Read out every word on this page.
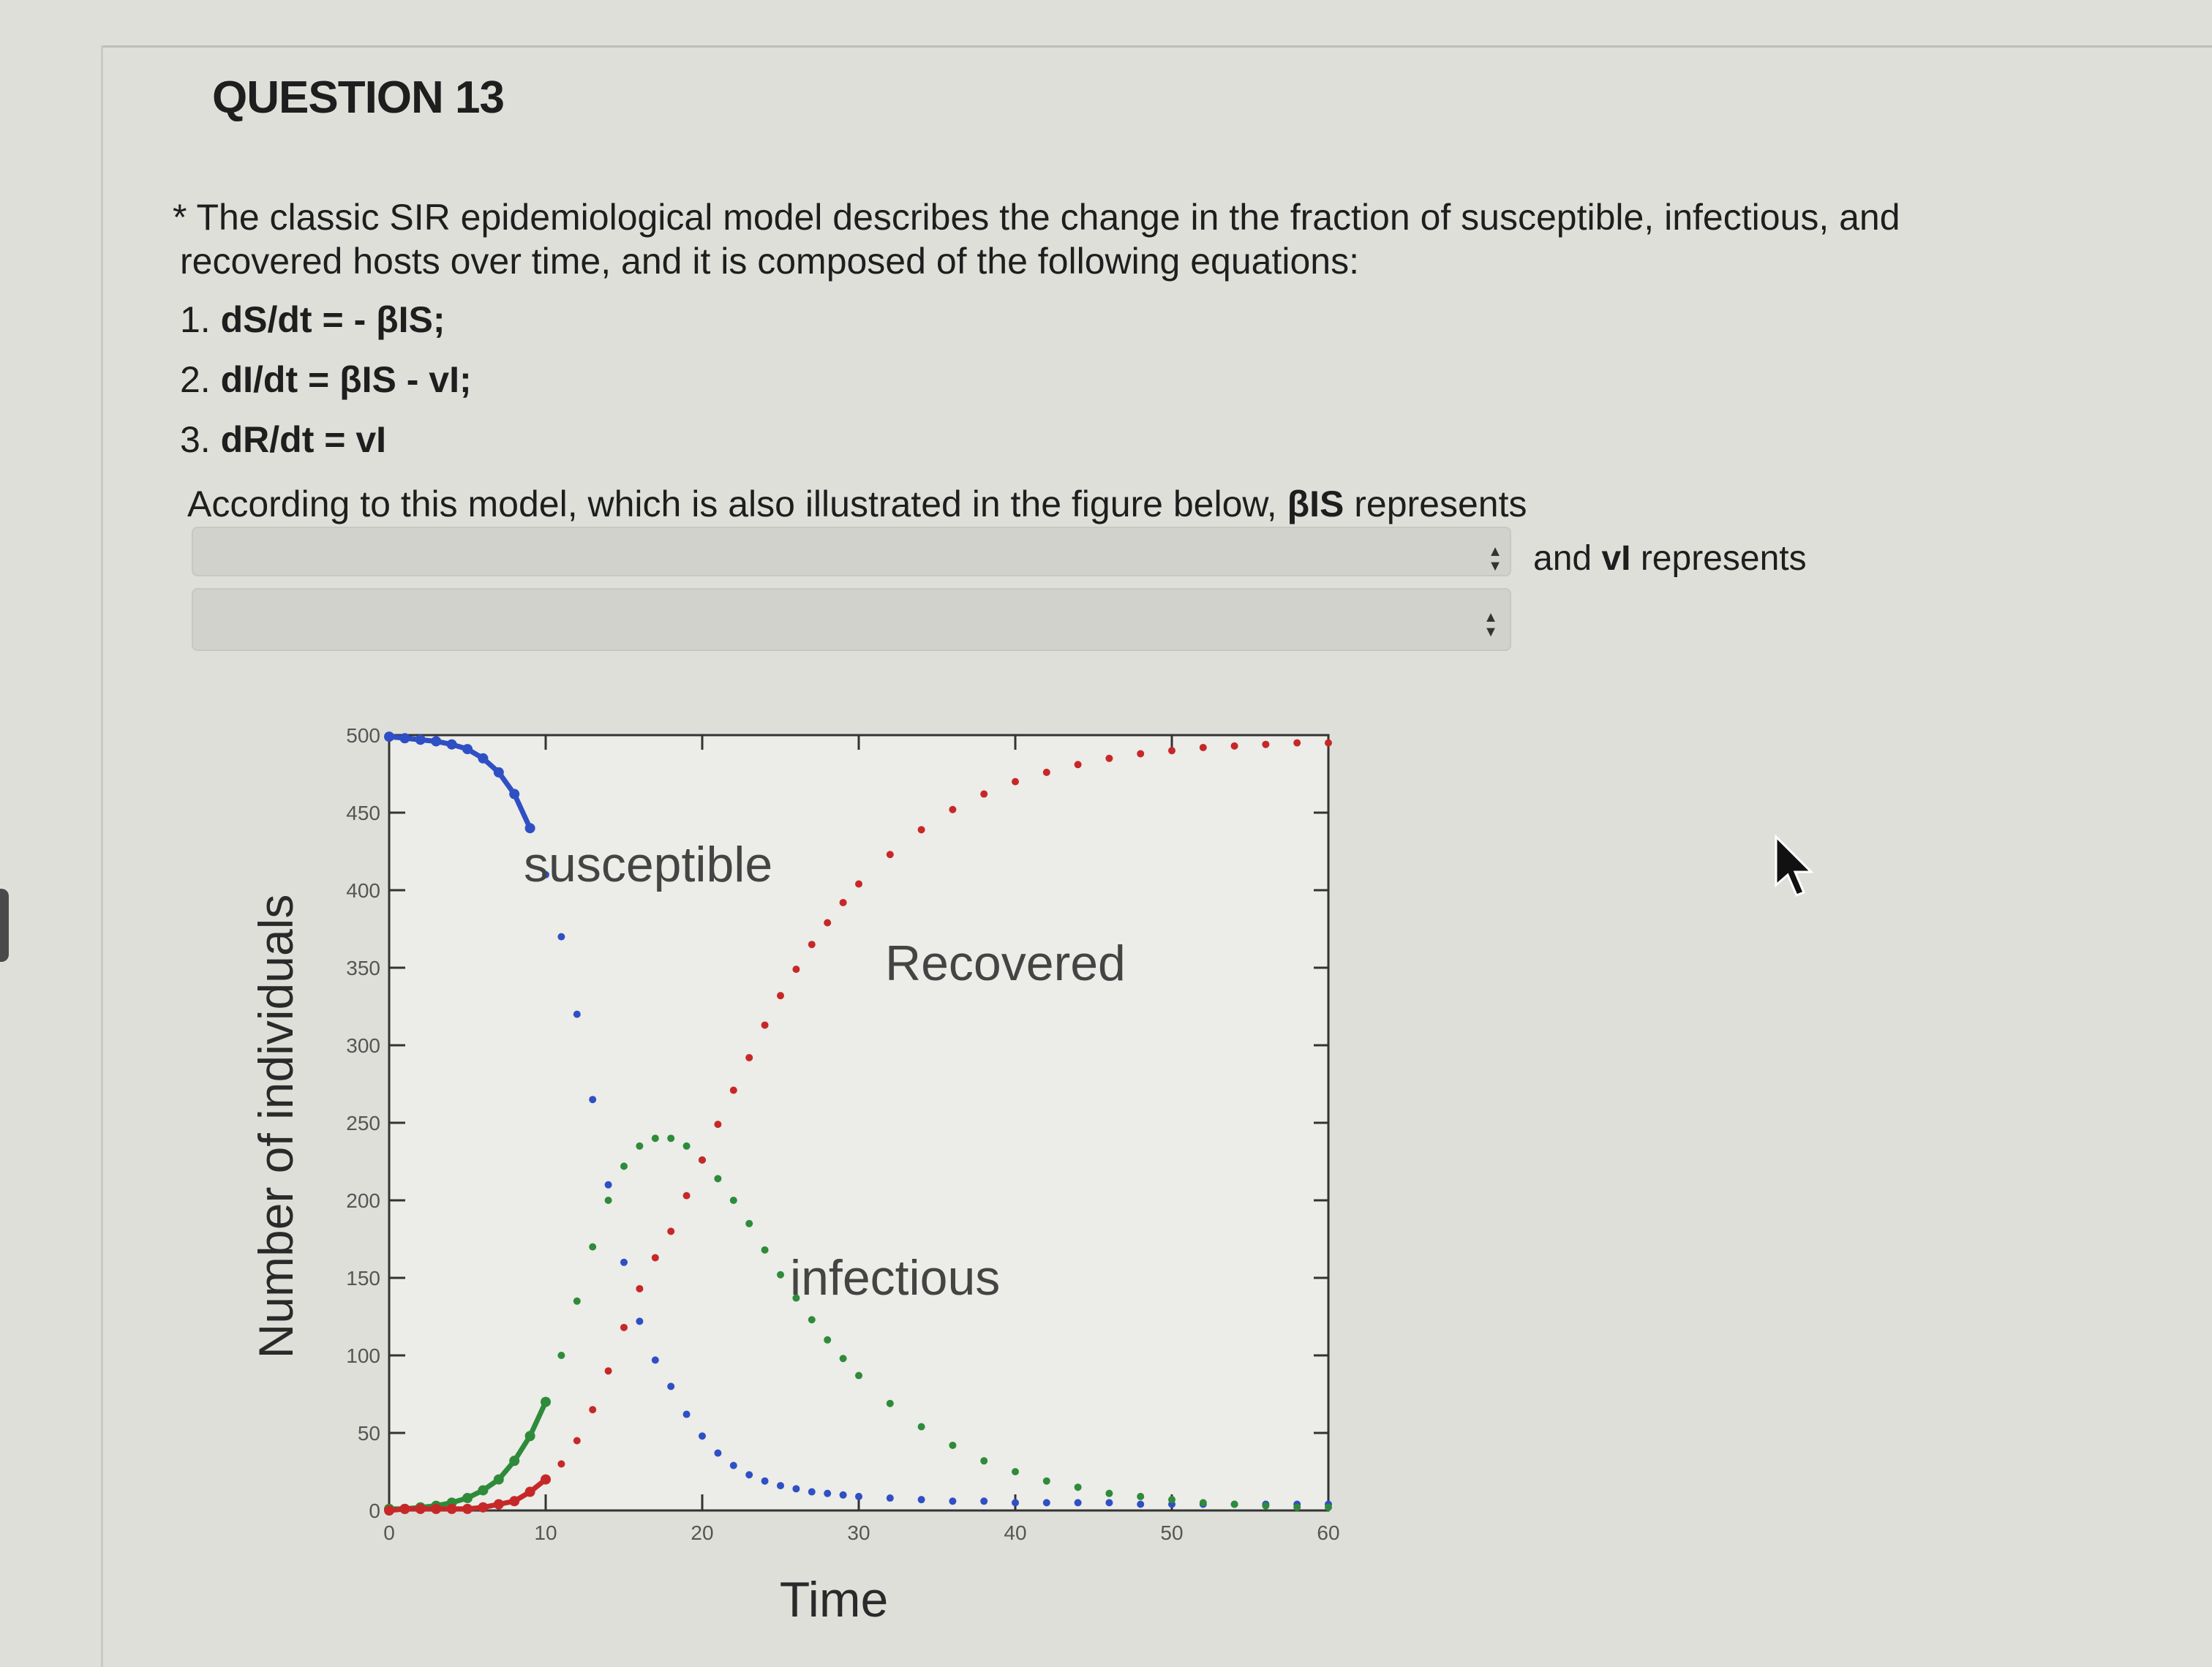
QUESTION 13
* The classic SIR epidemiological model describes the change in the fraction of susceptible, infectious, and
recovered hosts over time, and it is composed of the following equations:
1. dS/dt = - βIS;
2. dI/dt = βIS - vI;
3. dR/dt = vI
According to this model, which is also illustrated in the figure below, βIS represents
▲
▼ and vI represents
▲
▼
0
50
100
150
200
250
300
350
400
450
500
0	10	20	30	40	50	60
Number of individuals
Time
susceptible
Recovered
infectious
